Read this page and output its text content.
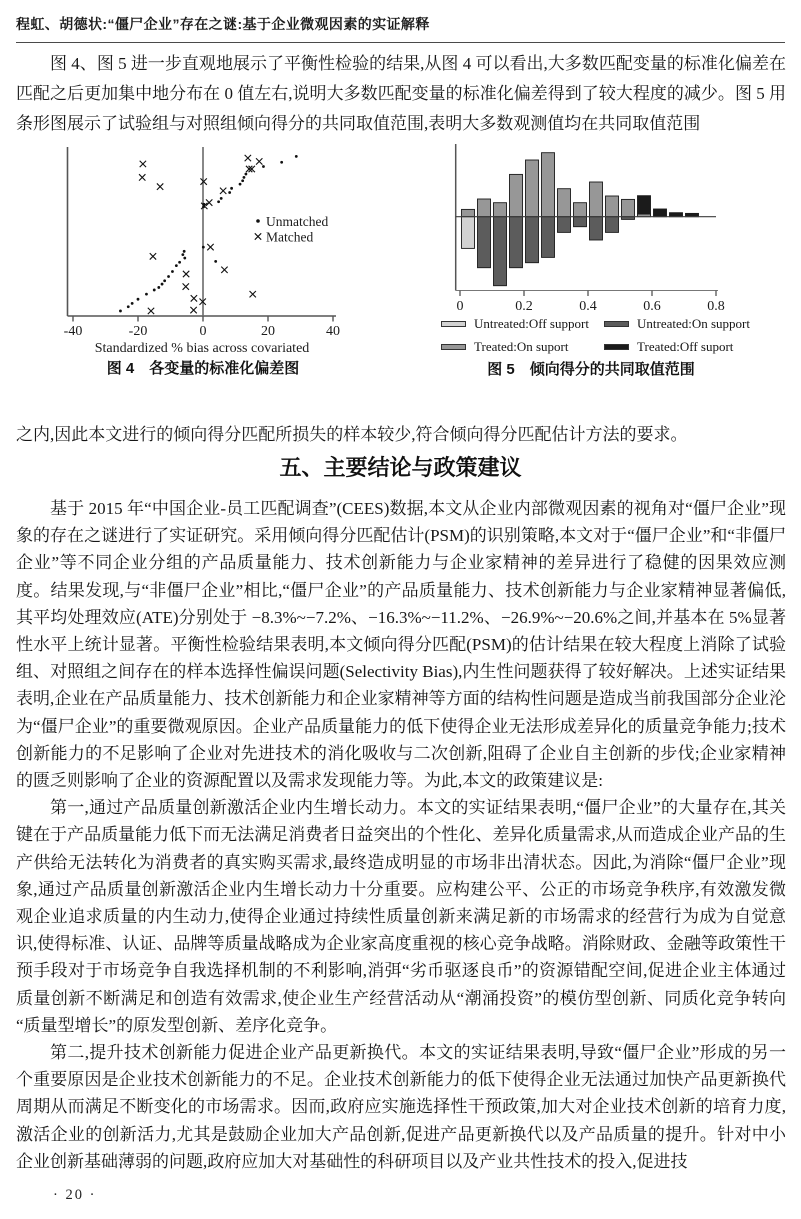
程虹、胡德状:“僵尸企业”存在之谜:基于企业微观因素的实证解释
图 4、图 5 进一步直观地展示了平衡性检验的结果,从图 4 可以看出,大多数匹配变量的标准化偏差在匹配之后更加集中地分布在 0 值左右,说明大多数匹配变量的标准化偏差得到了较大程度的减少。图 5 用条形图展示了试验组与对照组倾向得分的共同取值范围,表明大多数观测值均在共同取值范围
-40	-20	0	20	40
Standardized % bias across covariated
Unmatched
Matched
0	0.2	0.4	0.6	0.8
Untreated:Off support	Untreated:On support
Treated:On suport	Treated:Off suport
图 4　各变量的标准化偏差图	图 5　倾向得分的共同取值范围
之内,因此本文进行的倾向得分匹配所损失的样本较少,符合倾向得分匹配估计方法的要求。
五、主要结论与政策建议

基于 2015 年“中国企业-员工匹配调查”(CEES)数据,本文从企业内部微观因素的视角对“僵尸企业”现象的存在之谜进行了实证研究。采用倾向得分匹配估计(PSM)的识别策略,本文对于“僵尸企业”和“非僵尸企业”等不同企业分组的产品质量能力、技术创新能力与企业家精神的差异进行了稳健的因果效应测度。结果发现,与“非僵尸企业”相比,“僵尸企业”的产品质量能力、技术创新能力与企业家精神显著偏低,其平均处理效应(ATE)分别处于 −8.3%~−7.2%、−16.3%~−11.2%、−26.9%~−20.6%之间,并基本在 5%显著性水平上统计显著。平衡性检验结果表明,本文倾向得分匹配(PSM)的估计结果在较大程度上消除了试验组、对照组之间存在的样本选择性偏误问题(Selectivity Bias),内生性问题获得了较好解决。上述实证结果表明,企业在产品质量能力、技术创新能力和企业家精神等方面的结构性问题是造成当前我国部分企业沦为“僵尸企业”的重要微观原因。企业产品质量能力的低下使得企业无法形成差异化的质量竞争能力;技术创新能力的不足影响了企业对先进技术的消化吸收与二次创新,阻碍了企业自主创新的步伐;企业家精神的匮乏则影响了企业的资源配置以及需求发现能力等。为此,本文的政策建议是:

第一,通过产品质量创新激活企业内生增长动力。本文的实证结果表明,“僵尸企业”的大量存在,其关键在于产品质量能力低下而无法满足消费者日益突出的个性化、差异化质量需求,从而造成企业产品的生产供给无法转化为消费者的真实购买需求,最终造成明显的市场非出清状态。因此,为消除“僵尸企业”现象,通过产品质量创新激活企业内生增长动力十分重要。应构建公平、公正的市场竞争秩序,有效激发微观企业追求质量的内生动力,使得企业通过持续性质量创新来满足新的市场需求的经营行为成为自觉意识,使得标准、认证、品牌等质量战略成为企业家高度重视的核心竞争战略。消除财政、金融等政策性干预手段对于市场竞争自我选择机制的不利影响,消弭“劣币驱逐良币”的资源错配空间,促进企业主体通过质量创新不断满足和创造有效需求,使企业生产经营活动从“潮涌投资”的模仿型创新、同质化竞争转向“质量型增长”的原发型创新、差序化竞争。

第二,提升技术创新能力促进企业产品更新换代。本文的实证结果表明,导致“僵尸企业”形成的另一个重要原因是企业技术创新能力的不足。企业技术创新能力的低下使得企业无法通过加快产品更新换代周期从而满足不断变化的市场需求。因而,政府应实施选择性干预政策,加大对企业技术创新的培育力度,激活企业的创新活力,尤其是鼓励企业加大产品创新,促进产品更新换代以及产品质量的提升。针对中小企业创新基础薄弱的问题,政府应加大对基础性的科研项目以及产业共性技术的投入,促进技

· 20 ·
